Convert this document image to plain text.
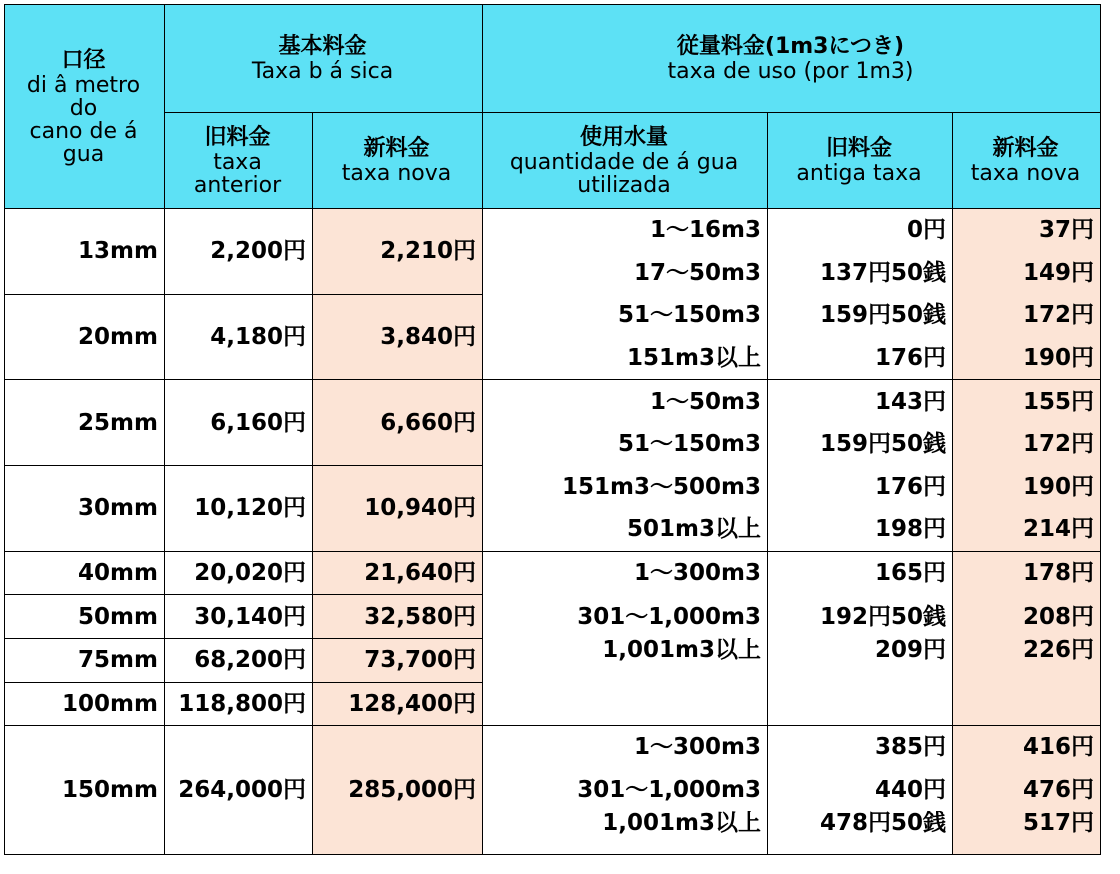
口径
di â metro
do
cano de á
gua	基本料金
Taxa b á sica		従量料金(1m3につき)
taxa de uso (por 1m3)		

	旧料金
taxa
anterior	新料金
taxa nova	使用水量
quantidade de á gua
utilizada	旧料金
antiga taxa	新料金
taxa nova

13mm	2,200円	2,210円	1～16m3	0円	37円
			17～50m3	137円50銭	149円
20mm	4,180円	3,840円	51～150m3	159円50銭	172円
			151m3以上	176円	190円
25mm	6,160円	6,660円	1～50m3	143円	155円
			51～150m3	159円50銭	172円
30mm	10,120円	10,940円	151m3～500m3	176円	190円
			501m3以上	198円	214円
40mm	20,020円	21,640円	1～300m3	165円	178円
50mm	30,140円	32,580円	301～1,000m3	192円50銭	208円
75mm	68,200円	73,700円	1,001m3以上	209円	226円
100mm	118,800円	128,400円			
150mm	264,000円	285,000円	1～300m3	385円	416円
			301～1,000m3	440円	476円
			1,001m3以上	478円50銭	517円
